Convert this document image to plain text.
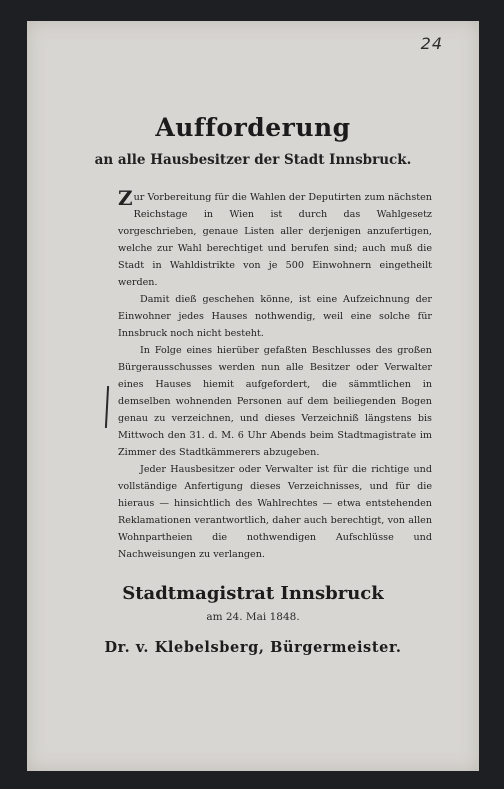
24
Aufforderung
an alle Hausbesitzer der Stadt Innsbruck.

Zur Vorbereitung für die Wahlen der Deputirten zum nächsten Reichstage in Wien ist durch das Wahlgesetz vorgeschrieben, genaue Listen aller derjenigen anzufertigen, welche zur Wahl berechtiget und berufen sind; auch muß die Stadt in Wahldistrikte von je 500 Einwohnern eingetheilt werden.

Damit dieß geschehen könne, ist eine Aufzeichnung der Einwohner jedes Hauses nothwendig, weil eine solche für Innsbruck noch nicht besteht.

In Folge eines hierüber gefaßten Beschlusses des großen Bürgerausschusses werden nun alle Besitzer oder Verwalter eines Hauses hiemit aufgefordert, die sämmtlichen in demselben wohnenden Personen auf dem beiliegenden Bogen genau zu verzeichnen, und dieses Verzeichniß längstens bis Mittwoch den 31. d. M. 6 Uhr Abends beim Stadtmagistrate im Zimmer des Stadtkämmerers abzugeben.

Jeder Hausbesitzer oder Verwalter ist für die richtige und vollständige Anfertigung dieses Verzeichnisses, und für die hieraus — hinsichtlich des Wahlrechtes — etwa entstehenden Reklamationen verantwortlich, daher auch berechtigt, von allen Wohnpartheien die nothwendigen Aufschlüsse und Nachweisungen zu verlangen.

Stadtmagistrat Innsbruck
am 24. Mai 1848.
Dr. v. Klebelsberg, Bürgermeister.
